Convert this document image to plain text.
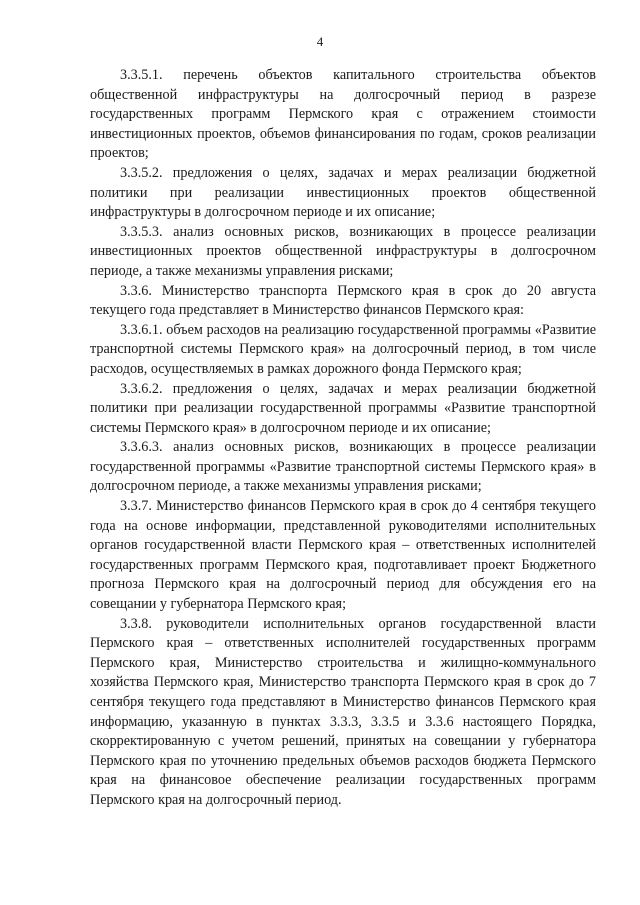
4

3.3.5.1. перечень объектов капитального строительства объектов общественной инфраструктуры на долгосрочный период в разрезе государственных программ Пермского края с отражением стоимости инвестиционных проектов, объемов финансирования по годам, сроков реализации проектов;

3.3.5.2. предложения о целях, задачах и мерах реализации бюджетной политики при реализации инвестиционных проектов общественной инфраструктуры в долгосрочном периоде и их описание;

3.3.5.3. анализ основных рисков, возникающих в процессе реализации инвестиционных проектов общественной инфраструктуры в долгосрочном периоде, а также механизмы управления рисками;

3.3.6. Министерство транспорта Пермского края в срок до 20 августа текущего года представляет в Министерство финансов Пермского края:

3.3.6.1. объем расходов на реализацию государственной программы «Развитие транспортной системы Пермского края» на долгосрочный период, в том числе расходов, осуществляемых в рамках дорожного фонда Пермского края;

3.3.6.2. предложения о целях, задачах и мерах реализации бюджетной политики при реализации государственной программы «Развитие транспортной системы Пермского края» в долгосрочном периоде и их описание;

3.3.6.3. анализ основных рисков, возникающих в процессе реализации государственной программы «Развитие транспортной системы Пермского края» в долгосрочном периоде, а также механизмы управления рисками;

3.3.7. Министерство финансов Пермского края в срок до 4 сентября текущего года на основе информации, представленной руководителями исполнительных органов государственной власти Пермского края – ответственных исполнителей государственных программ Пермского края, подготавливает проект Бюджетного прогноза Пермского края на долгосрочный период для обсуждения его на совещании у губернатора Пермского края;

3.3.8. руководители исполнительных органов государственной власти Пермского края – ответственных исполнителей государственных программ Пермского края, Министерство строительства и жилищно-коммунального хозяйства Пермского края, Министерство транспорта Пермского края в срок до 7 сентября текущего года представляют в Министерство финансов Пермского края информацию, указанную в пунктах 3.3.3, 3.3.5 и 3.3.6 настоящего Порядка, скорректированную с учетом решений, принятых на совещании у губернатора Пермского края по уточнению предельных объемов расходов бюджета Пермского края на финансовое обеспечение реализации государственных программ Пермского края на долгосрочный период.
